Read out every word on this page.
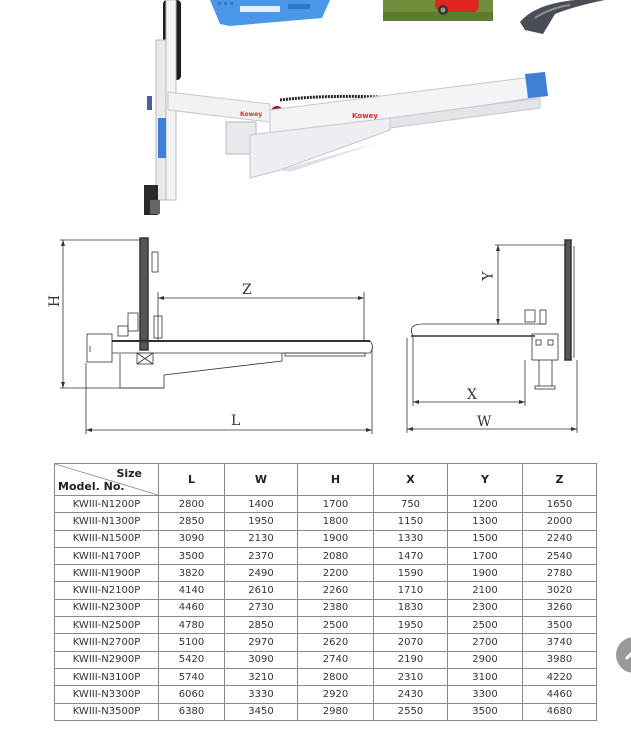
Kowey	Kowey
H
Z
L
Y
X
W
Size
Model. No.	L	W	H	X	Y	Z
KWIII-N1200P	2800	1400	1700	750	1200	1650
KWIII-N1300P	2850	1950	1800	1150	1300	2000
KWIII-N1500P	3090	2130	1900	1330	1500	2240
KWIII-N1700P	3500	2370	2080	1470	1700	2540
KWIII-N1900P	3820	2490	2200	1590	1900	2780
KWIII-N2100P	4140	2610	2260	1710	2100	3020
KWIII-N2300P	4460	2730	2380	1830	2300	3260
KWIII-N2500P	4780	2850	2500	1950	2500	3500
KWIII-N2700P	5100	2970	2620	2070	2700	3740
KWIII-N2900P	5420	3090	2740	2190	2900	3980
KWIII-N3100P	5740	3210	2800	2310	3100	4220
KWIII-N3300P	6060	3330	2920	2430	3300	4460
KWIII-N3500P	6380	3450	2980	2550	3500	4680
